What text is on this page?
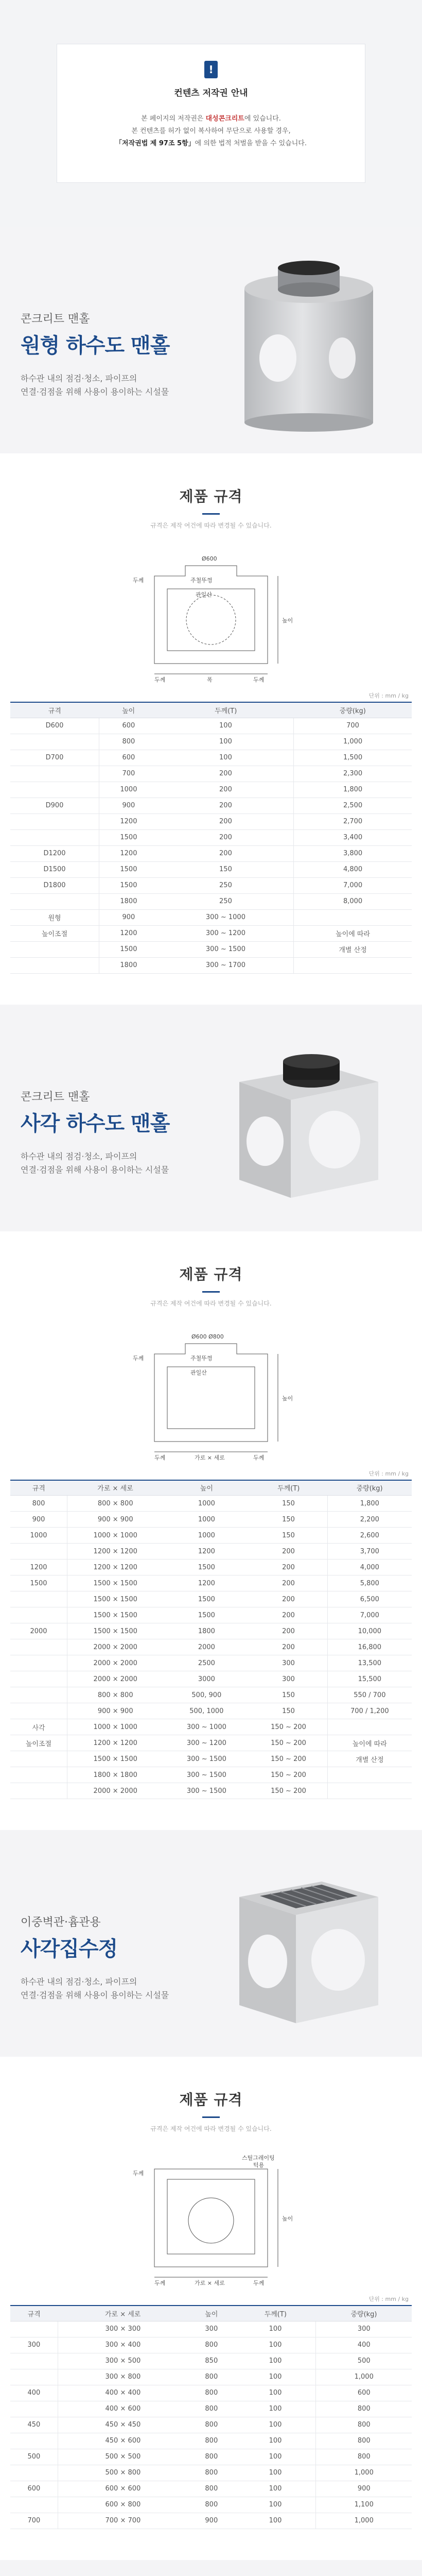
!
컨텐츠 저작권 안내
본 페이지의 저작권은 대성콘크리트에 있습니다.
본 컨텐츠를 허가 없이 복사하여 무단으로 사용할 경우,
「저작권법 제 97조 5항」에 의한 법적 처벌을 받을 수 있습니다.
콘크리트 맨홀
원형 하수도 맨홀
하수관 내의 점검·청소, 파이프의
연결·검점을 위해 사용이 용이하는 시설물
제품 규격
규격은 제작 여건에 따라 변경될 수 있습니다.
Ø600
주철뚜껑
관일산
두께
높이
두께	폭	두께
단위 : mm / kg
규격	높이	두께(T)	중량(kg)
D600	600	100	700
	800	100	1,000
D700	600	100	1,500
	700	200	2,300
	1000	200	1,800
D900	900	200	2,500
	1200	200	2,700
	1500	200	3,400
D1200	1200	200	3,800
D1500	1500	150	4,800
D1800	1500	250	7,000
	1800	250	8,000
원형	900	300 ~ 1000	
높이조절	1200	300 ~ 1200	높이에 따라
	1500	300 ~ 1500	개별 산정
	1800	300 ~ 1700	
콘크리트 맨홀
사각 하수도 맨홀
하수관 내의 점검·청소, 파이프의
연결·검점을 위해 사용이 용이하는 시설물
제품 규격
규격은 제작 여건에 따라 변경될 수 있습니다.
Ø600 Ø800
주철뚜껑
관일산
두께
높이
두께	가로 × 세로	두께
단위 : mm / kg
규격	가로 × 세로	높이	두께(T)	중량(kg)
800	800 × 800	1000	150	1,800
900	900 × 900	1000	150	2,200
1000	1000 × 1000	1000	150	2,600
	1200 × 1200	1200	200	3,700
1200	1200 × 1200	1500	200	4,000
1500	1500 × 1500	1200	200	5,800
	1500 × 1500	1500	200	6,500
	1500 × 1500	1500	200	7,000
2000	1500 × 1500	1800	200	10,000
	2000 × 2000	2000	200	16,800
	2000 × 2000	2500	300	13,500
	2000 × 2000	3000	300	15,500
	800 × 800	500, 900	150	550 / 700
	900 × 900	500, 1000	150	700 / 1,200
사각	1000 × 1000	300 ~ 1000	150 ~ 200	
높이조절	1200 × 1200	300 ~ 1200	150 ~ 200	높이에 따라
	1500 × 1500	300 ~ 1500	150 ~ 200	개별 산정
	1800 × 1800	300 ~ 1500	150 ~ 200	
	2000 × 2000	300 ~ 1500	150 ~ 200	
이중벽관·흄관용
사각집수정
하수관 내의 점검·청소, 파이프의
연결·검점을 위해 사용이 용이하는 시설물
제품 규격
규격은 제작 여건에 따라 변경될 수 있습니다.
스틸그레이팅
턱용
두께
높이
두께	가로 × 세로	두께
단위 : mm / kg
규격	가로 × 세로	높이	두께(T)	중량(kg)
	300 × 300	300	100	300
300	300 × 400	800	100	400
	300 × 500	850	100	500
	300 × 800	800	100	1,000
400	400 × 400	800	100	600
	400 × 600	800	100	800
450	450 × 450	800	100	800
	450 × 600	800	100	800
500	500 × 500	800	100	800
	500 × 800	800	100	1,000
600	600 × 600	800	100	900
	600 × 800	800	100	1,100
700	700 × 700	900	100	1,000
